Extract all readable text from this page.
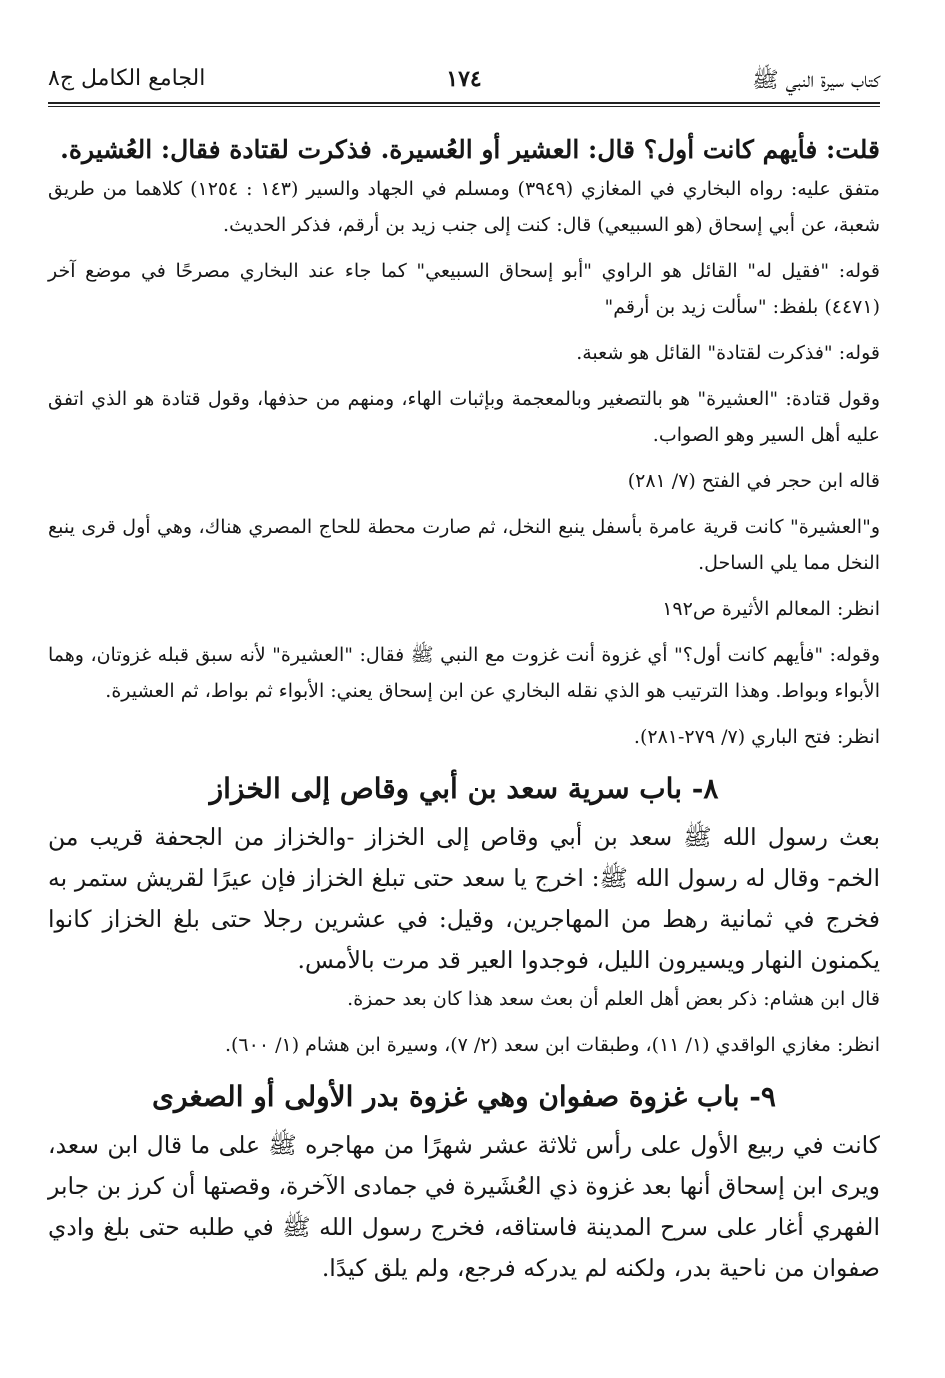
كتاب سيرة النبي ﷺ
١٧٤
الجامع الكامل ج٨

قلت: فأيهم كانت أول؟ قال: العشير أو العُسيرة. فذكرت لقتادة فقال: العُشيرة.

متفق عليه: رواه البخاري في المغازي (٣٩٤٩) ومسلم في الجهاد والسير (١٤٣ : ١٢٥٤) كلاهما من طريق شعبة، عن أبي إسحاق (هو السبيعي) قال: كنت إلى جنب زيد بن أرقم، فذكر الحديث.

قوله: "فقيل له" القائل هو الراوي "أبو إسحاق السبيعي" كما جاء عند البخاري مصرحًا في موضع آخر (٤٤٧١) بلفظ: "سألت زيد بن أرقم"

قوله: "فذكرت لقتادة" القائل هو شعبة.

وقول قتادة: "العشيرة" هو بالتصغير وبالمعجمة وبإثبات الهاء، ومنهم من حذفها، وقول قتادة هو الذي اتفق عليه أهل السير وهو الصواب.

قاله ابن حجر في الفتح (٧/ ٢٨١)

و"العشيرة" كانت قرية عامرة بأسفل ينبع النخل، ثم صارت محطة للحاج المصري هناك، وهي أول قرى ينبع النخل مما يلي الساحل.

انظر: المعالم الأثيرة ص١٩٢

وقوله: "فأيهم كانت أول؟" أي غزوة أنت غزوت مع النبي ﷺ فقال: "العشيرة" لأنه سبق قبله غزوتان، وهما الأبواء وبواط. وهذا الترتيب هو الذي نقله البخاري عن ابن إسحاق يعني: الأبواء ثم بواط، ثم العشيرة.

انظر: فتح الباري (٧/ ٢٧٩-٢٨١).

٨- باب سرية سعد بن أبي وقاص إلى الخزاز

بعث رسول الله ﷺ سعد بن أبي وقاص إلى الخزاز -والخزاز من الجحفة قريب من الخم- وقال له رسول الله ﷺ: اخرج يا سعد حتى تبلغ الخزاز فإن عيرًا لقريش ستمر به فخرج في ثمانية رهط من المهاجرين، وقيل: في عشرين رجلا حتى بلغ الخزاز كانوا يكمنون النهار ويسيرون الليل، فوجدوا العير قد مرت بالأمس.

قال ابن هشام: ذكر بعض أهل العلم أن بعث سعد هذا كان بعد حمزة.

انظر: مغازي الواقدي (١/ ١١)، وطبقات ابن سعد (٢/ ٧)، وسيرة ابن هشام (١/ ٦٠٠).

٩- باب غزوة صفوان وهي غزوة بدر الأولى أو الصغرى

كانت في ربيع الأول على رأس ثلاثة عشر شهرًا من مهاجره ﷺ على ما قال ابن سعد، ويرى ابن إسحاق أنها بعد غزوة ذي العُشَيرة في جمادى الآخرة، وقصتها أن كرز بن جابر الفهري أغار على سرح المدينة فاستاقه، فخرج رسول الله ﷺ في طلبه حتى بلغ وادي صفوان من ناحية بدر، ولكنه لم يدركه فرجع، ولم يلق كيدًا.
